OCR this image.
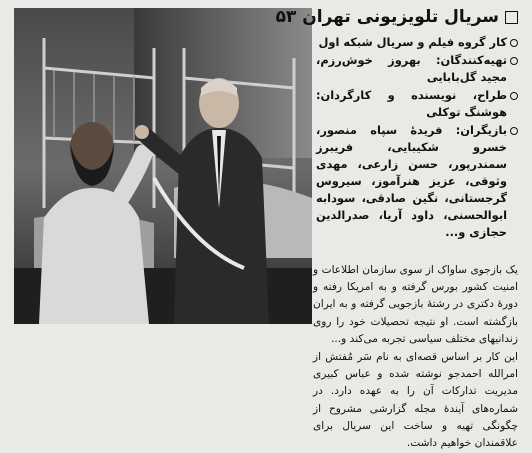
سریال تلویزیونی تهران ۵۳
کار گروه فیلم و سریال شبکه اول
تهیه‌کنندگان: بهروز خوش‌رزم، مجید گل‌بابایی
طراح، نویسنده و کارگردان: هوشنگ توکلی
بازیگران: فریدهٔ سپاه منصور، خسرو شکیبایی، فریبرز سمندرپور، حسن زارعی، مهدی وثوقی، عزیز هنرآموز، سیروس گرجستانی، نگین صادقی، سودابه ابوالحسنی، داود آریا، صدرالدین حجازی و...

یک بازجوی ساواک از سوی سازمان اطلاعات و امنیت کشور بورس گرفته و به امریکا رفته و دورهٔ دکتری در رشتهٔ بازجویی گرفته و به ایران بازگشته است. او نتیجه تحصیلات خود را روی زندانیهای مختلف سیاسی تجربه می‌کند و...

این کار بر اساس قصه‌ای به نام سَر مُفتش از امرالله احمدجو نوشته شده و عباس کبیری مدیریت تدارکات آن را به عهده دارد. در شماره‌های آیندهٔ مجله گزارشی مشروح از چگونگی تهیه و ساخت این سریال برای علاقمندان خواهیم داشت.
